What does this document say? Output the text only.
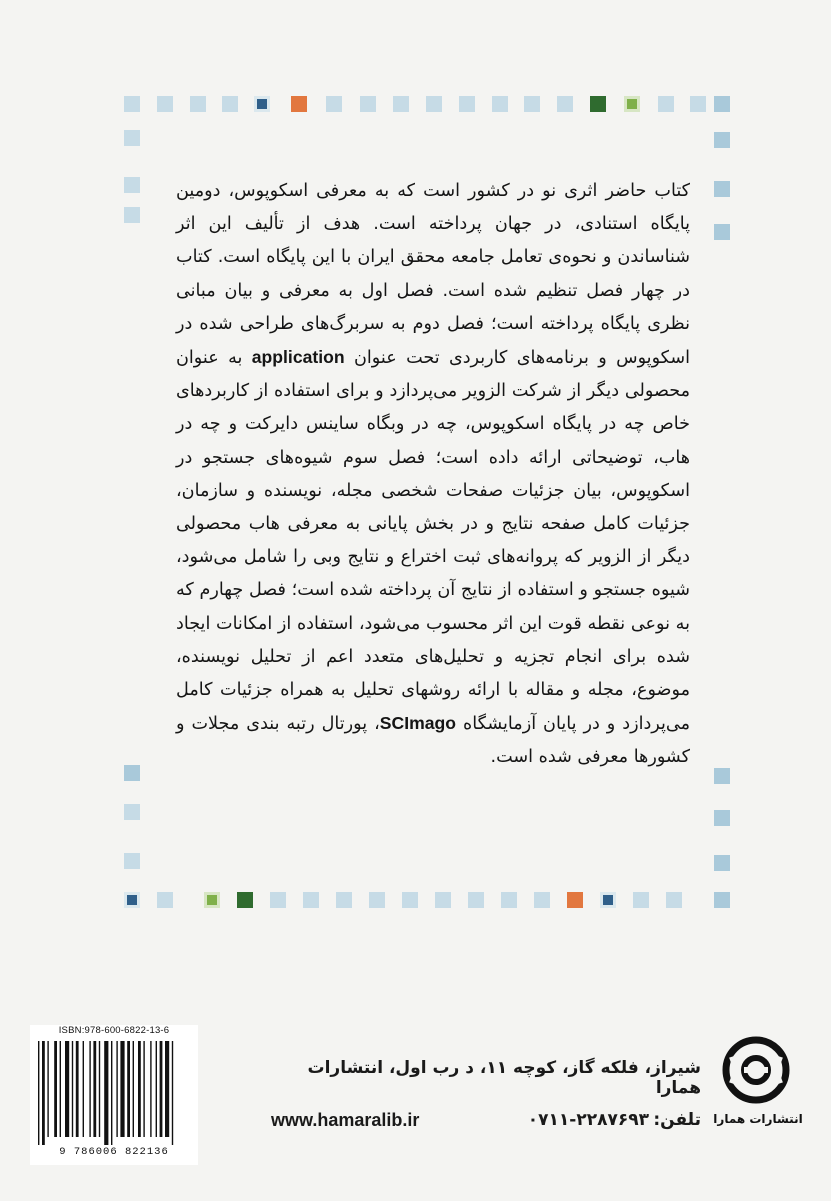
کتاب حاضر اثری نو در کشور است که به معرفی اسکوپوس، دومین پایگاه استنادی، در جهان پرداخته است. هدف از تألیف این اثر شناساندن و نحوه‌ی تعامل جامعه محقق ایران با این پایگاه است. کتاب در چهار فصل تنظیم شده است. فصل اول به معرفی و بیان مبانی نظری پایگاه پرداخته است؛ فصل دوم به سربرگ‌های طراحی شده در اسکوپوس و برنامه‌های کاربردی تحت عنوان application به عنوان محصولی دیگر از شرکت الزویر می‌پردازد و برای استفاده از کاربردهای خاص چه در پایگاه اسکوپوس، چه در وبگاه ساینس دایرکت و چه در هاب، توضیحاتی ارائه داده است؛ فصل سوم شیوه‌های جستجو در اسکوپوس، بیان جزئیات صفحات شخصی مجله، نویسنده و سازمان، جزئیات کامل صفحه نتایج و در بخش پایانی به معرفی هاب محصولی دیگر از الزویر که پروانه‌های ثبت اختراع و نتایج وبی را شامل می‌شود، شیوه جستجو و استفاده از نتایج آن پرداخته شده است؛ فصل چهارم که به نوعی نقطه قوت این اثر محسوب می‌شود، استفاده از امکانات ایجاد شده برای انجام تجزیه و تحلیل‌های متعدد اعم از تحلیل نویسنده، موضوع، مجله و مقاله با ارائه روشهای تحلیل به همراه جزئیات کامل می‌پردازد و در پایان آزمایشگاه SCImago، پورتال رتبه بندی مجلات و کشورها معرفی شده است.

ISBN:978-600-6822-13-6
9 786006 822136
شیراز، فلکه گاز، کوچه ۱۱، د رب اول، انتشارات همارا
تلفن:
۰۷۱۱-۲۲۸۷۶۹۳
www.hamaralib.ir	انتشارات همارا
